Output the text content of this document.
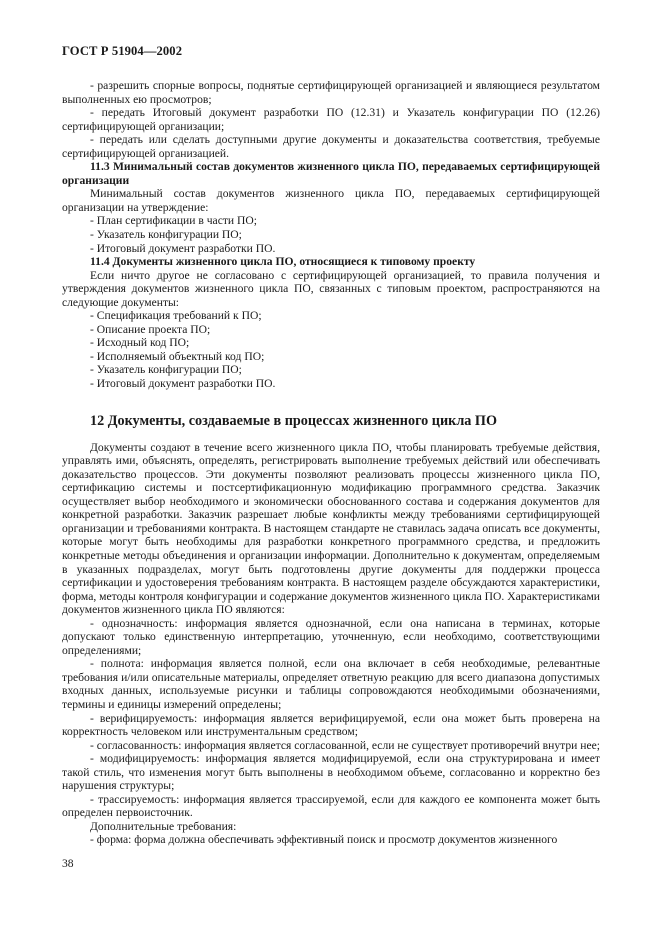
ГОСТ Р 51904—2002

- разрешить спорные вопросы, поднятые сертифицирующей организацией и являющиеся результатом выполненных ею просмотров;

- передать Итоговый документ разработки ПО (12.31) и Указатель конфигурации ПО (12.26) сертифицирующей организации;

- передать или сделать доступными другие документы и доказательства соответствия, требуемые сертифицирующей организацией.

11.3 Минимальный состав документов жизненного цикла ПО, передаваемых сертифицирующей организации

Минимальный состав документов жизненного цикла ПО, передаваемых сертифицирующей организации на утверждение:

- План сертификации в части ПО;

- Указатель конфигурации ПО;

- Итоговый документ разработки ПО.

11.4 Документы жизненного цикла ПО, относящиеся к типовому проекту

Если ничто другое не согласовано с сертифицирующей организацией, то правила получения и утверждения документов жизненного цикла ПО, связанных с типовым проектом, распространяются на следующие документы:

- Спецификация требований к ПО;

- Описание проекта ПО;

- Исходный код ПО;

- Исполняемый объектный код ПО;

- Указатель конфигурации ПО;

- Итоговый документ разработки ПО.

12 Документы, создаваемые в процессах жизненного цикла ПО

Документы создают в течение всего жизненного цикла ПО, чтобы планировать требуемые действия, управлять ими, объяснять, определять, регистрировать выполнение требуемых действий или обеспечивать доказательство процессов. Эти документы позволяют реализовать процессы жизненного цикла ПО, сертификацию системы и постсертификационную модификацию программного средства. Заказчик осуществляет выбор необходимого и экономически обоснованного состава и содержания документов для конкретной разработки. Заказчик разрешает любые конфликты между требованиями сертифицирующей организации и требованиями контракта. В настоящем стандарте не ставилась задача описать все документы, которые могут быть необходимы для разработки конкретного программного средства, и предложить конкретные методы объединения и организации информации. Дополнительно к документам, определяемым в указанных подразделах, могут быть подготовлены другие документы для поддержки процесса сертификации и удостоверения требованиям контракта. В настоящем разделе обсуждаются характеристики, форма, методы контроля конфигурации и содержание документов жизненного цикла ПО. Характеристиками документов жизненного цикла ПО являются:

- однозначность: информация является однозначной, если она написана в терминах, которые допускают только единственную интерпретацию, уточненную, если необходимо, соответствующими определениями;

- полнота: информация является полной, если она включает в себя необходимые, релевантные требования и/или описательные материалы, определяет ответную реакцию для всего диапазона допустимых входных данных, используемые рисунки и таблицы сопровождаются необходимыми обозначениями, термины и единицы измерений определены;

- верифицируемость: информация является верифицируемой, если она может быть проверена на корректность человеком или инструментальным средством;

- согласованность: информация является согласованной, если не существует противоречий внутри нее;

- модифицируемость: информация является модифицируемой, если она структурирована и имеет такой стиль, что изменения могут быть выполнены в необходимом объеме, согласованно и корректно без нарушения структуры;

- трассируемость: информация является трассируемой, если для каждого ее компонента может быть определен первоисточник.

Дополнительные требования:

- форма: форма должна обеспечивать эффективный поиск и просмотр документов жизненного

38
